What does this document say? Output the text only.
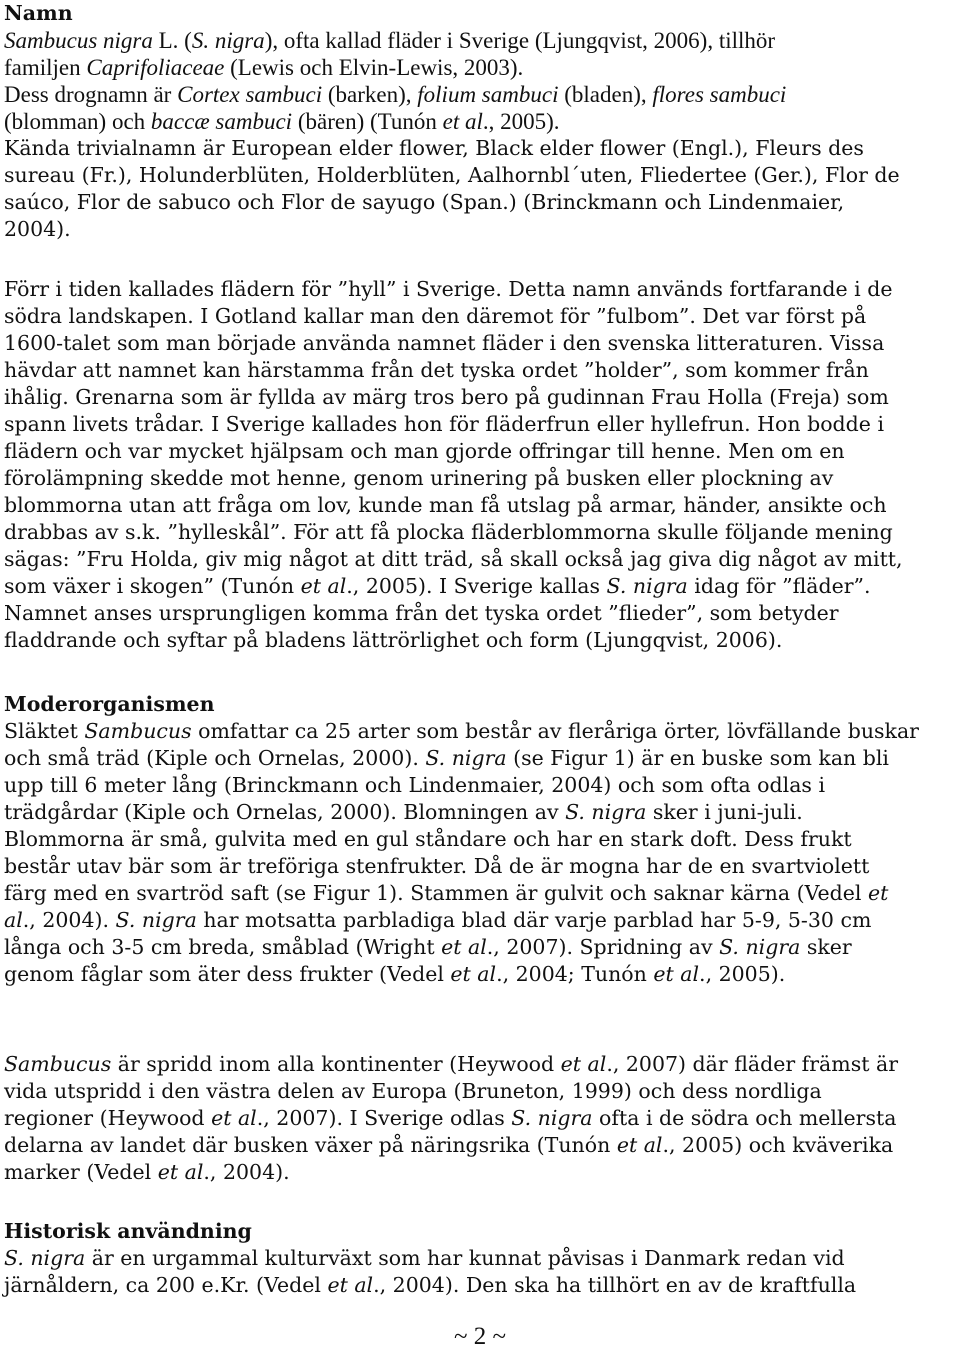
Namn
Sambucus nigra L. (S. nigra), ofta kallad fläder i Sverige (Ljungqvist, 2006), tillhör
familjen Caprifoliaceae (Lewis och Elvin-Lewis, 2003).
Dess drognamn är Cortex sambuci (barken), folium sambuci (bladen), flores sambuci
(blomman) och baccæ sambuci (bären) (Tunón et al., 2005).
Kända trivialnamn är European elder flower, Black elder flower (Engl.), Fleurs des
sureau (Fr.), Holunderblüten, Holderblüten, Aalhornbl´uten, Fliedertee (Ger.), Flor de
saúco, Flor de sabuco och Flor de sayugo (Span.) (Brinckmann och Lindenmaier,
2004).
Förr i tiden kallades flädern för ”hyll” i Sverige. Detta namn används fortfarande i de
södra landskapen. I Gotland kallar man den däremot för ”fulbom”. Det var först på
1600-talet som man började använda namnet fläder i den svenska litteraturen. Vissa
hävdar att namnet kan härstamma från det tyska ordet ”holder”, som kommer från
ihålig. Grenarna som är fyllda av märg tros bero på gudinnan Frau Holla (Freja) som
spann livets trådar. I Sverige kallades hon för fläderfrun eller hyllefrun. Hon bodde i
flädern och var mycket hjälpsam och man gjorde offringar till henne. Men om en
förolämpning skedde mot henne, genom urinering på busken eller plockning av
blommorna utan att fråga om lov, kunde man få utslag på armar, händer, ansikte och
drabbas av s.k. ”hylleskål”. För att få plocka fläderblommorna skulle följande mening
sägas: ”Fru Holda, giv mig något at ditt träd, så skall också jag giva dig något av mitt,
som växer i skogen” (Tunón et al., 2005). I Sverige kallas S. nigra idag för ”fläder”.
Namnet anses ursprungligen komma från det tyska ordet ”flieder”, som betyder
fladdrande och syftar på bladens lättrörlighet och form (Ljungqvist, 2006).
Moderorganismen
Släktet Sambucus omfattar ca 25 arter som består av fleråriga örter, lövfällande buskar
och små träd (Kiple och Ornelas, 2000). S. nigra (se Figur 1) är en buske som kan bli
upp till 6 meter lång (Brinckmann och Lindenmaier, 2004) och som ofta odlas i
trädgårdar (Kiple och Ornelas, 2000). Blomningen av S. nigra sker i juni-juli.
Blommorna är små, gulvita med en gul ståndare och har en stark doft. Dess frukt
består utav bär som är treföriga stenfrukter. Då de är mogna har de en svartviolett
färg med en svartröd saft (se Figur 1). Stammen är gulvit och saknar kärna (Vedel et
al., 2004). S. nigra har motsatta parbladiga blad där varje parblad har 5-9, 5-30 cm
långa och 3-5 cm breda, småblad (Wright et al., 2007). Spridning av S. nigra sker
genom fåglar som äter dess frukter (Vedel et al., 2004; Tunón et al., 2005).
Sambucus är spridd inom alla kontinenter (Heywood et al., 2007) där fläder främst är
vida utspridd i den västra delen av Europa (Bruneton, 1999) och dess nordliga
regioner (Heywood et al., 2007). I Sverige odlas S. nigra ofta i de södra och mellersta
delarna av landet där busken växer på näringsrika (Tunón et al., 2005) och kväverika
marker (Vedel et al., 2004).
Historisk användning
S. nigra är en urgammal kulturväxt som har kunnat påvisas i Danmark redan vid
järnåldern, ca 200 e.Kr. (Vedel et al., 2004). Den ska ha tillhört en av de kraftfulla
~ 2 ~
